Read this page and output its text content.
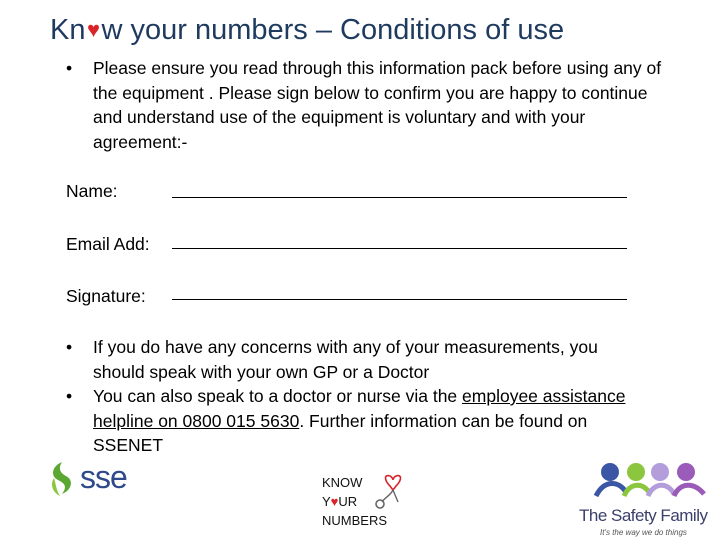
Kn♥w your numbers – Conditions of use
• Please ensure you read through this information pack before using any of the equipment . Please sign below to confirm you are happy to continue and understand use of the equipment is voluntary and with your agreement:-
Name:
Email Add:
Signature:
• If you do have any concerns with any of your measurements, you should speak with your own GP or a Doctor
• You can also speak to a doctor or nurse via the employee assistance helpline on 0800 015 5630. Further information can be found on SSENET
sse	KNOW
Y♥UR
NUMBERS	The Safety Family
It's the way we do things
